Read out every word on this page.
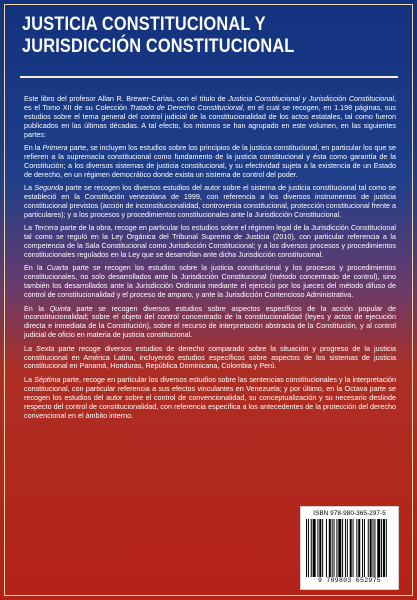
JUSTICIA CONSTITUCIONAL Y
JURISDICCIÓN CONSTITUCIONAL

Este libro del profesor Allan R. Brewer-Carías, con el título de Justicia Constitucional y Jurisdicción Constitucional, es el Tomo XII de su Colección Tratado de Derecho Constitucional, en el cual se recogen, en 1.198 páginas, sus estudios sobre el tema general del control judicial de la constitucionalidad de los actos estatales, tal como fueron publicados en las últimas décadas. A tal efecto, los mismos se han agrupado en este volumen, en las siguientes partes:

En la Primera parte, se incluyen los estudios sobre los principios de la justicia constitucional, en particular los que se refieren a la supremacía constitucional como fundamento de la justicia constitucional y ésta como garantía de la Constitución; a los diversos sistemas de justicia constitucional, y su efectividad sujeta a la existencia de un Estado de derecho, en un régimen democrático donde exista un sistema de control del poder.

La Segunda parte se recogen los diversos estudios del autor sobre el sistema de justicia constitucional tal como se estableció en la Constitución venezolana de 1999, con referencia a los diversos instrumentos de justicia constitucional previstos (acción de inconstitucionalidad, controversia constitucional, protección constitucional frente a particulares); y a los procesos y procedimientos constitucionales ante la Jurisdicción Constitucional.

La Tercera parte de la obra, recoge en particular los estudios sobre el régimen legal de la Jurisdicción Constitucional tal como se reguló en la Ley Orgánica del Tribunal Supremo de Justicia (2010), con particular referencia a la competencia de la Sala Constitucional como Jurisdicción Constitucional; y a los diversos procesos y procedimientos constitucionales regulados en la Ley que se desarrollan ante dicha Jurisdicción constitucional.

En la Cuarta parte se recogen los estudios sobre la justicia constitucional y los procesos y procedimientos constitucionales, no solo desarrollados ante la Jurisdicción Constitucional (método concentrado de control), sino también los desarrollados ante la Jurisdicción Ordinaria mediante el ejercicio por los jueces del método difuso de control de constitucionalidad y el proceso de amparo, y ante la Jurisdicción Contencioso Administrativa.

En la Quinta parte se recogen diversos estudios sobre aspectos específicos de la acción popular de inconstitucionalidad; sobre el objeto del control concentrado de la constitucionalidad (leyes y actos de ejecución directa e inmediata de la Constitución), sobre el recurso de interpretación abstracta de la Constitución, y al control judicial de oficio en materia de justicia constitucional.

La Sexta parte recoge diversos estudios de derecho comparado sobre la situación y progreso de la justicia constitucional en América Latina, incluyendo estudios específicos sobre aspectos de los sistemas de justicia constitucional en Panamá, Honduras, República Dominicana, Colombia y Perú.

La Séptima parte, recoge en particular los diversos estudios sobre las sentencias constitucionales y la interpretación constitucional, con particular referencia a sus efectos vinculantes en Venezuela; y por último, en la Octava parte se recogen los estudios del autor sobre el control de convencionalidad, su conceptualización y su necesario deslinde respecto del control de constitucionalidad, con referencia específica a los antecedentes de la protección del derecho convencional en el ámbito interno.

ISBN 978-980-365-297-5
9 789803 652975
